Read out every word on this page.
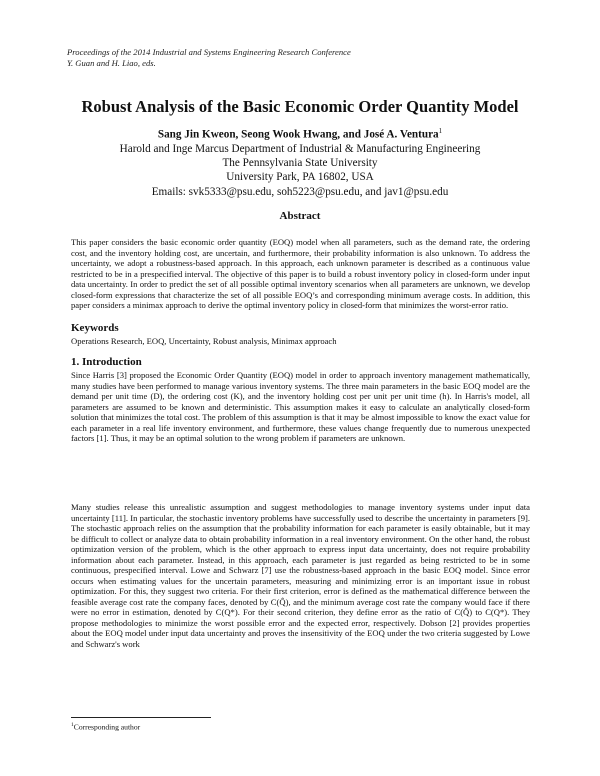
Proceedings of the 2014 Industrial and Systems Engineering Research Conference
Y. Guan and H. Liao, eds.
Robust Analysis of the Basic Economic Order Quantity Model
Sang Jin Kweon, Seong Wook Hwang, and José A. Ventura$^1$
Harold and Inge Marcus Department of Industrial & Manufacturing Engineering
The Pennsylvania State University
University Park, PA 16802, USA
Emails: svk5333@psu.edu, soh5223@psu.edu, and jav1@psu.edu
Abstract
This paper considers the basic economic order quantity (EOQ) model when all parameters, such as the demand rate, the ordering cost, and the inventory holding cost, are uncertain, and furthermore, their probability information is also unknown. To address the uncertainty, we adopt a robustness-based approach. In this approach, each unknown parameter is described as a continuous value restricted to be in a prespecified interval. The objective of this paper is to build a robust inventory policy in closed-form under input data uncertainty. In order to predict the set of all possible optimal inventory scenarios when all parameters are unknown, we develop closed-form expressions that characterize the set of all possible EOQ’s and corresponding minimum average costs. In addition, this paper considers a minimax approach to derive the optimal inventory policy in closed-form that minimizes the worst-error ratio.
Keywords
Operations Research, EOQ, Uncertainty, Robust analysis, Minimax approach
1. Introduction
Since Harris [3] proposed the Economic Order Quantity (EOQ) model in order to approach inventory management mathematically, many studies have been performed to manage various inventory systems. The three main parameters in the basic EOQ model are the demand per unit time (D), the ordering cost (K), and the inventory holding cost per unit per unit time (h). In Harris's model, all parameters are assumed to be known and deterministic. This assumption makes it easy to calculate an analytically closed-form solution that minimizes the total cost. The problem of this assumption is that it may be almost impossible to know the exact value for each parameter in a real life inventory environment, and furthermore, these values change frequently due to numerous unexpected factors [1]. Thus, it may be an optimal solution to the wrong problem if parameters are unknown.
Many studies release this unrealistic assumption and suggest methodologies to manage inventory systems under input data uncertainty [11]. In particular, the stochastic inventory problems have successfully used to describe the uncertainty in parameters [9]. The stochastic approach relies on the assumption that the probability information for each parameter is easily obtainable, but it may be difficult to collect or analyze data to obtain probability information in a real inventory environment. On the other hand, the robust optimization version of the problem, which is the other approach to express input data uncertainty, does not require probability information about each parameter. Instead, in this approach, each parameter is just regarded as being restricted to be in some continuous, prespecified interval. Lowe and Schwarz [7] use the robustness-based approach in the basic EOQ model. Since error occurs when estimating values for the uncertain parameters, measuring and minimizing error is an important issue in robust optimization. For this, they suggest two criteria. For their first criterion, error is defined as the mathematical difference between the feasible average cost rate the company faces, denoted by C(Q̂), and the minimum average cost rate the company would face if there were no error in estimation, denoted by C(Q*). For their second criterion, they define error as the ratio of C(Q̂) to C(Q*). They propose methodologies to minimize the worst possible error and the expected error, respectively. Dobson [2] provides properties about the EOQ model under input data uncertainty and proves the insensitivity of the EOQ under the two criteria suggested by Lowe and Schwarz's work
$^1$Corresponding author
